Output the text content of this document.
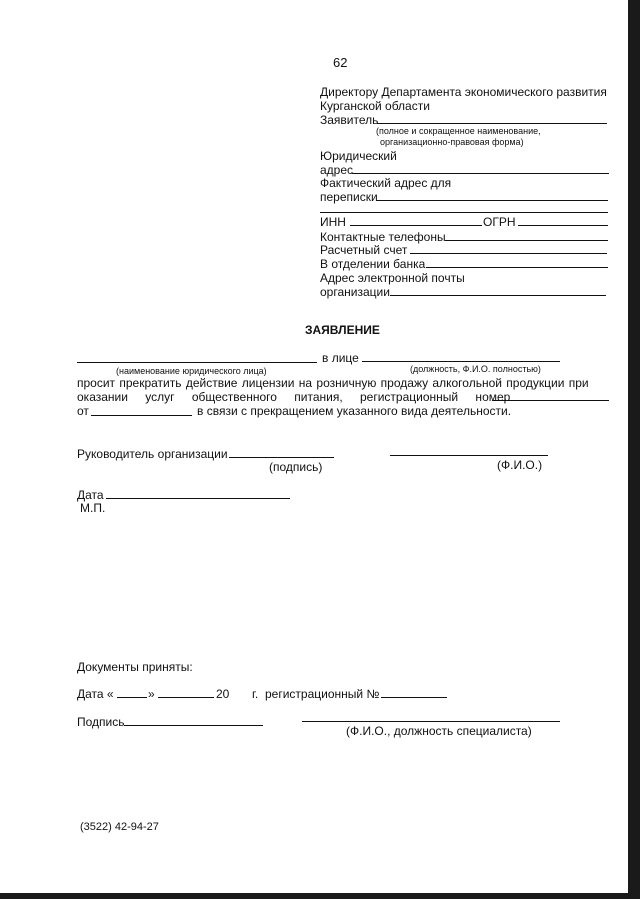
62
Директору Департамента экономического развития
Курганской области
Заявитель
(полное и сокращенное наименование,
организационно-правовая форма)
Юридический
адрес
Фактический адрес для
переписки
ИНН	ОГРН
Контактные телефоны
Расчетный счет
В отделении банка
Адрес электронной почты
организации
ЗАЯВЛЕНИЕ
в лице
(наименование юридического лица)	(должность, Ф.И.О. полностью)
просит прекратить действие лицензии на розничную продажу алкогольной продукции при
оказании услуг общественного питания, регистрационный номер
от	в связи с прекращением указанного вида деятельности.
Руководитель организации
(подпись)	(Ф.И.О.)
Дата
М.П.
Документы приняты:
Дата «	»	20 г. регистрационный №
Подпись
(Ф.И.О., должность специалиста)
(3522) 42-94-27
